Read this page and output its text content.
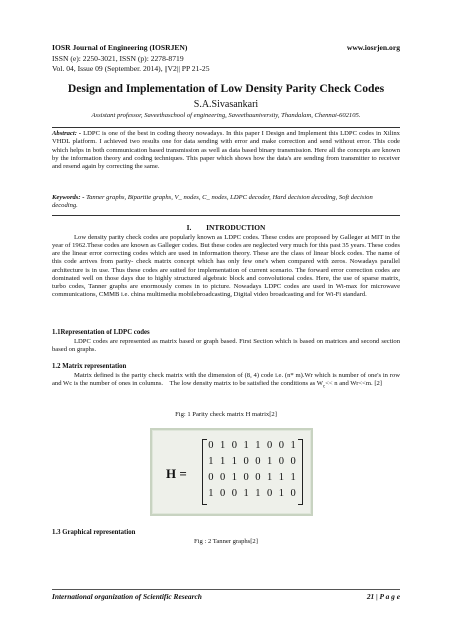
IOSR Journal of Engineering (IOSRJEN)
ISSN (e): 2250-3021, ISSN (p): 2278-8719
Vol. 04, Issue 09 (September. 2014), ||V2|| PP 21-25
www.iosrjen.org
Design and Implementation of Low Density Parity Check Codes
S.A.Sivasankari
Assistant professor, Saveethaschool of engineering, Saveethauniversity, Thandalam, Chennai-602105.
Abstract: - LDPC is one of the best in coding theory nowadays. In this paper I Design and Implement this LDPC codes in Xilinx VHDL platform. I achieved two results one for data sending with error and make correction and send without error. This code which helps in both communication based transmission as well as data based binary transmission. Here all the concepts are known by the information theory and coding techniques. This paper which shows how the data's are sending from transmitter to receiver and resend again by correcting the same.
Keywords: - Tanner graphs, Bipartite graphs, V_ nodes, C_ nodes, LDPC decoder, Hard decision decoding, Soft decision decoding.
I.        INTRODUCTION
Low density parity check codes are popularly known as LDPC codes. These codes are proposed by Galleger at MIT in the year of 1962.These codes are known as Galleger codes. But these codes are neglected very much for this past 35 years. These codes are the linear error correcting codes which are used in information theory. These are the class of linear block codes. The name of this code arrives from parity- check matrix concept which has only few one's when compared with zeros. Nowadays parallel architecture is in use. Thus these codes are suited for implementation of current scenario. The forward error correction codes are dominated well on those days due to highly structured algebraic block and convolutional codes. Here, the use of sparse matrix, turbo codes, Tanner graphs are enormously comes in to picture. Nowadays LDPC codes are used in Wi-max for microwave communications, CMMB i.e. china multimedia mobilebroadcasting, Digital video broadcasting and for Wi-Fi standard.
1.1Representation of LDPC codes
LDPC codes are represented as matrix based or graph based. First Section which is based on matrices and second section based on graphs.
1.2 Matrix representation
Matrix defined is the parity check matrix with the dimension of (8, 4) code i.e. (n* m).Wr which is number of one's in row and Wc is the number of ones in columns. The low density matrix to be satisfied the conditions as $W_c<< n$ and Wr<<m. [2]
Fig: 1 Parity check matrix H matrix[2]
H =
0 1 0 1 1 0 0 1
1 1 1 0 0 1 0 0
0 0 1 0 0 1 1 1
1 0 0 1 1 0 1 0
1.3 Graphical representation
Fig : 2 Tanner graphs[2]
International organization of Scientific Research	21 | P a g e
